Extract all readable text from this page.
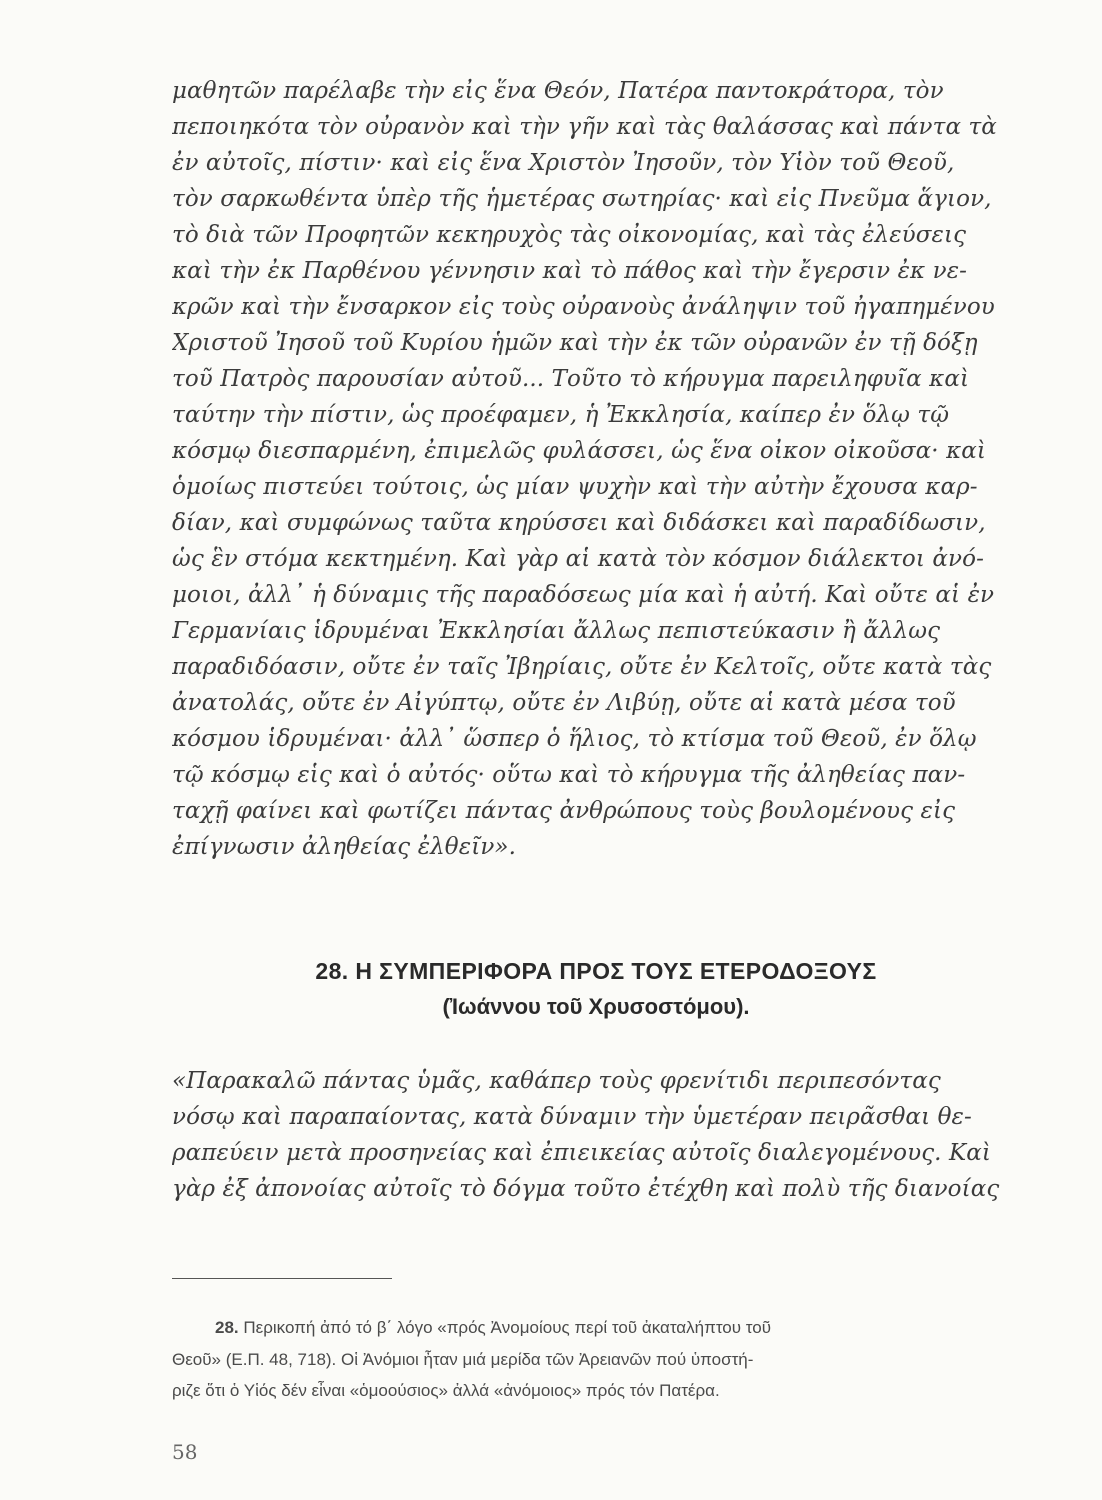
μαθητῶν παρέλαβε τὴν εἰς ἕνα Θεόν, Πατέρα παντοκράτορα, τὸν
πεποιηκότα τὸν οὐρανὸν καὶ τὴν γῆν καὶ τὰς θαλάσσας καὶ πάντα τὰ
ἐν αὐτοῖς, πίστιν· καὶ εἰς ἕνα Χριστὸν Ἰησοῦν, τὸν Υἱὸν τοῦ Θεοῦ,
τὸν σαρκωθέντα ὑπὲρ τῆς ἡμετέρας σωτηρίας· καὶ εἰς Πνεῦμα ἅγιον,
τὸ διὰ τῶν Προφητῶν κεκηρυχὸς τὰς οἰκονομίας, καὶ τὰς ἐλεύσεις
καὶ τὴν ἐκ Παρθένου γέννησιν καὶ τὸ πάθος καὶ τὴν ἔγερσιν ἐκ νε-
κρῶν καὶ τὴν ἔνσαρκον εἰς τοὺς οὐρανοὺς ἀνάληψιν τοῦ ἠγαπημένου
Χριστοῦ Ἰησοῦ τοῦ Κυρίου ἡμῶν καὶ τὴν ἐκ τῶν οὐρανῶν ἐν τῇ δόξῃ
τοῦ Πατρὸς παρουσίαν αὐτοῦ... Τοῦτο τὸ κήρυγμα παρειληφυῖα καὶ
ταύτην τὴν πίστιν, ὡς προέφαμεν, ἡ Ἐκκλησία, καίπερ ἐν ὅλῳ τῷ
κόσμῳ διεσπαρμένη, ἐπιμελῶς φυλάσσει, ὡς ἕνα οἶκον οἰκοῦσα· καὶ
ὁμοίως πιστεύει τούτοις, ὡς μίαν ψυχὴν καὶ τὴν αὐτὴν ἔχουσα καρ-
δίαν, καὶ συμφώνως ταῦτα κηρύσσει καὶ διδάσκει καὶ παραδίδωσιν,
ὡς ἓν στόμα κεκτημένη. Καὶ γὰρ αἱ κατὰ τὸν κόσμον διάλεκτοι ἀνό-
μοιοι, ἀλλ᾿ ἡ δύναμις τῆς παραδόσεως μία καὶ ἡ αὐτή. Καὶ οὔτε αἱ ἐν
Γερμανίαις ἱδρυμέναι Ἐκκλησίαι ἄλλως πεπιστεύκασιν ἢ ἄλλως
παραδιδόασιν, οὔτε ἐν ταῖς Ἰβηρίαις, οὔτε ἐν Κελτοῖς, οὔτε κατὰ τὰς
ἀνατολάς, οὔτε ἐν Αἰγύπτῳ, οὔτε ἐν Λιβύῃ, οὔτε αἱ κατὰ μέσα τοῦ
κόσμου ἱδρυμέναι· ἀλλ᾿ ὥσπερ ὁ ἥλιος, τὸ κτίσμα τοῦ Θεοῦ, ἐν ὅλῳ
τῷ κόσμῳ εἷς καὶ ὁ αὐτός· οὕτω καὶ τὸ κήρυγμα τῆς ἀληθείας παν-
ταχῇ φαίνει καὶ φωτίζει πάντας ἀνθρώπους τοὺς βουλομένους εἰς
ἐπίγνωσιν ἀληθείας ἐλθεῖν».
28. Η ΣΥΜΠΕΡΙΦΟΡΑ ΠΡΟΣ ΤΟΥΣ ΕΤΕΡΟΔΟΞΟΥΣ
(Ἰωάννου τοῦ Χρυσοστόμου).
«Παρακαλῶ πάντας ὑμᾶς, καθάπερ τοὺς φρενίτιδι περιπεσόντας
νόσῳ καὶ παραπαίοντας, κατὰ δύναμιν τὴν ὑμετέραν πειρᾶσθαι θε-
ραπεύειν μετὰ προσηνείας καὶ ἐπιεικείας αὐτοῖς διαλεγομένους. Καὶ
γὰρ ἐξ ἀπονοίας αὐτοῖς τὸ δόγμα τοῦτο ἐτέχθη καὶ πολὺ τῆς διανοίας
28. Περικοπή ἀπό τό β΄ λόγο «πρός Ἀνομοίους περί τοῦ ἀκαταλήπτου τοῦ
Θεοῦ» (Ε.Π. 48, 718). Οἱ Ἀνόμιοι ἦταν μιά μερίδα τῶν Ἀρειανῶν πού ὑποστή-
ριζε ὅτι ὁ Υἱός δέν εἶναι «ὁμοούσιος» ἀλλά «ἀνόμοιος» πρός τόν Πατέρα.
58
